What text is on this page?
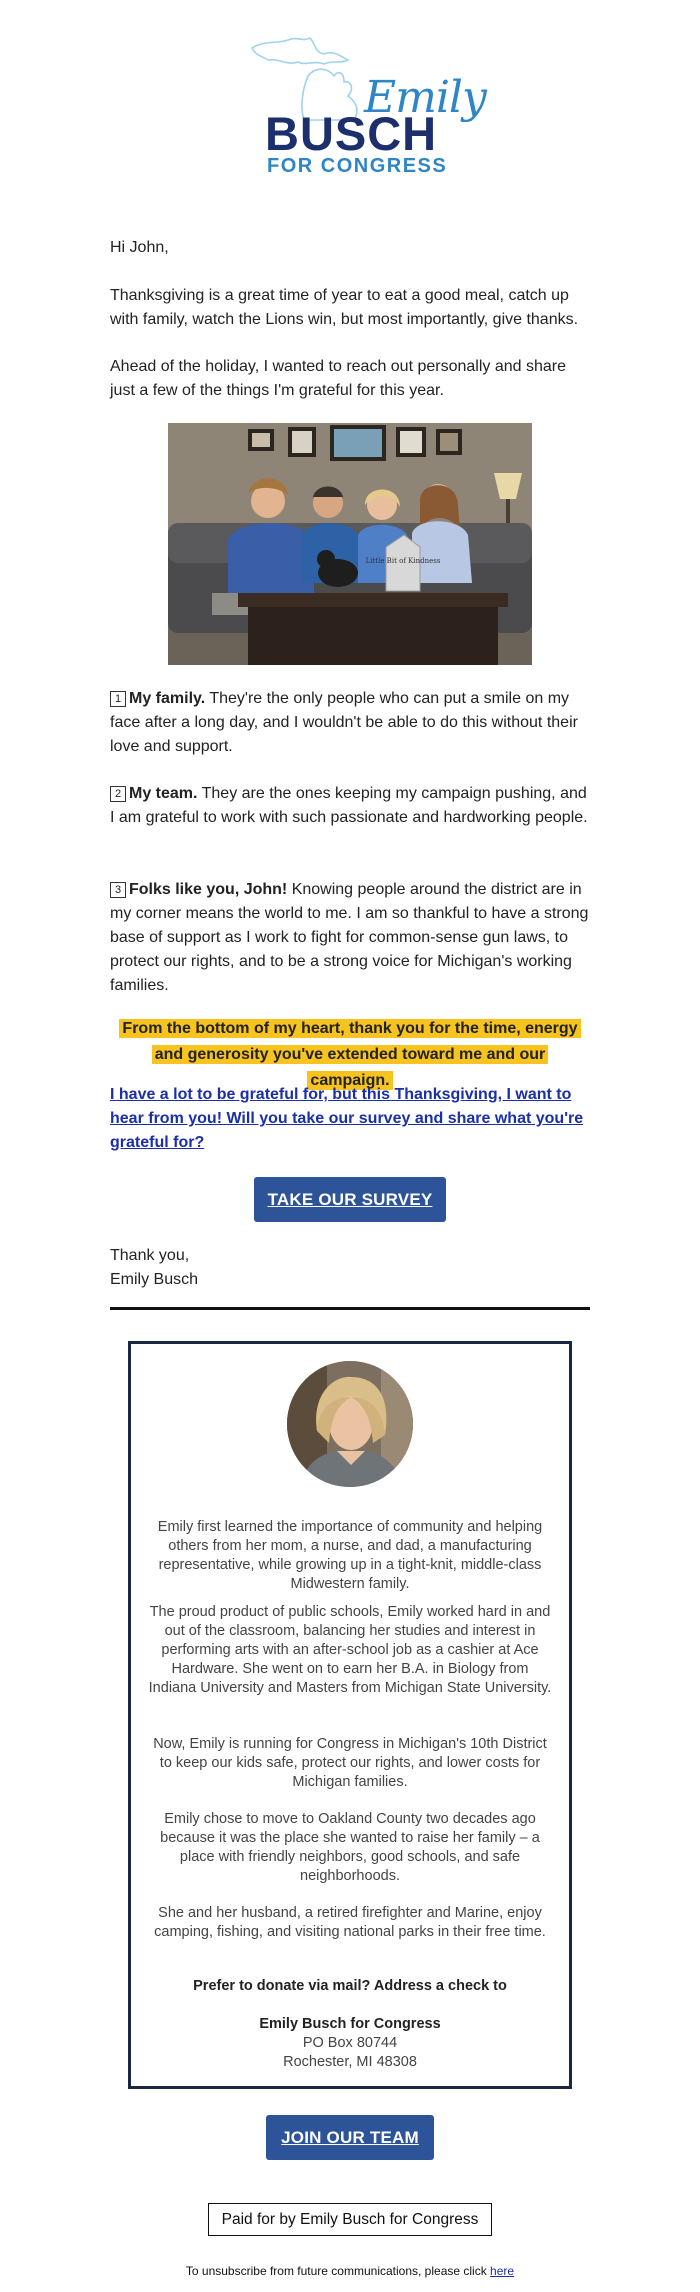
Emily
BUSCH
FOR CONGRESS
Hi John,
Thanksgiving is a great time of year to eat a good meal, catch up with family, watch the Lions win, but most importantly, give thanks.
Ahead of the holiday, I wanted to reach out personally and share just a few of the things I'm grateful for this year.
Little Bit of Kindness
1 My family. They're the only people who can put a smile on my face after a long day, and I wouldn't be able to do this without their love and support.
2 My team. They are the ones keeping my campaign pushing, and I am grateful to work with such passionate and hardworking people.
3 Folks like you, John! Knowing people around the district are in my corner means the world to me. I am so thankful to have a strong base of support as I work to fight for common-sense gun laws, to protect our rights, and to be a strong voice for Michigan's working families.
From the bottom of my heart, thank you for the time, energy and generosity you've extended toward me and our campaign.
I have a lot to be grateful for, but this Thanksgiving, I want to hear from you! Will you take our survey and share what you're grateful for?
TAKE OUR SURVEY
Thank you,
Emily Busch
Emily first learned the importance of community and helping others from her mom, a nurse, and dad, a manufacturing representative, while growing up in a tight-knit, middle-class Midwestern family.
The proud product of public schools, Emily worked hard in and out of the classroom, balancing her studies and interest in performing arts with an after-school job as a cashier at Ace Hardware. She went on to earn her B.A. in Biology from Indiana University and Masters from Michigan State University.
Now, Emily is running for Congress in Michigan's 10th District to keep our kids safe, protect our rights, and lower costs for Michigan families.
Emily chose to move to Oakland County two decades ago because it was the place she wanted to raise her family – a place with friendly neighbors, good schools, and safe neighborhoods.
She and her husband, a retired firefighter and Marine, enjoy camping, fishing, and visiting national parks in their free time.
Prefer to donate via mail? Address a check to
Emily Busch for Congress
PO Box 80744
Rochester, MI 48308
JOIN OUR TEAM
Paid for by Emily Busch for Congress
To unsubscribe from future communications, please click here
